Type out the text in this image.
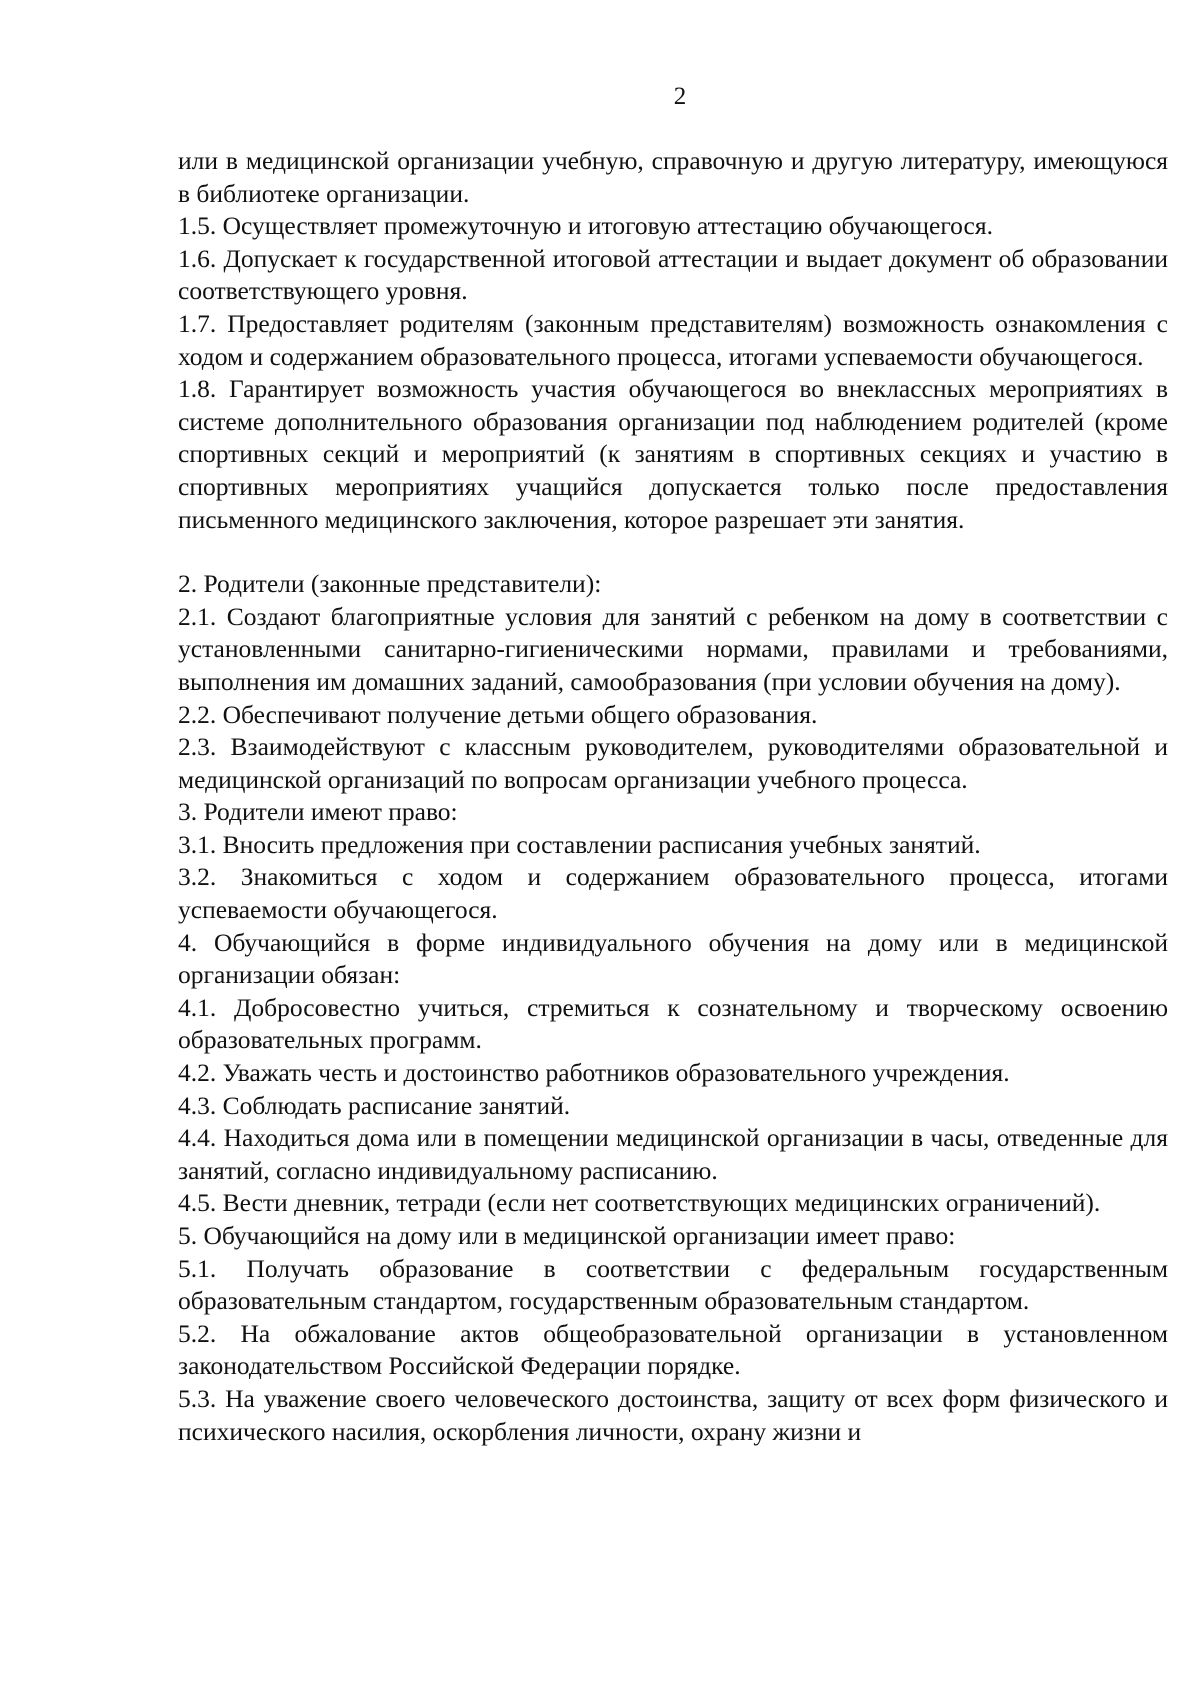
2

или в медицинской организации учебную, справочную и другую литературу, имеющуюся в библиотеке организации.

1.5. Осуществляет промежуточную и итоговую аттестацию обучающегося.

1.6. Допускает к государственной итоговой аттестации и выдает документ об образовании соответствующего уровня.

1.7. Предоставляет родителям (законным представителям) возможность ознакомления с ходом и содержанием образовательного процесса, итогами успеваемости обучающегося.

1.8. Гарантирует возможность участия обучающегося во внеклассных мероприятиях в системе дополнительного образования организации под наблюдением родителей (кроме спортивных секций и мероприятий (к занятиям в спортивных секциях и участию в спортивных мероприятиях учащийся допускается только после предоставления письменного медицинского заключения, которое разрешает эти занятия.

2. Родители (законные представители):

2.1. Создают благоприятные условия для занятий с ребенком на дому в соответствии с установленными санитарно-гигиеническими нормами, правилами и требованиями, выполнения им домашних заданий, самообразования (при условии обучения на дому).

2.2. Обеспечивают получение детьми общего образования.

2.3. Взаимодействуют с классным руководителем, руководителями образовательной и медицинской организаций по вопросам организации учебного процесса.

3. Родители имеют право:

3.1. Вносить предложения при составлении расписания учебных занятий.

3.2. Знакомиться с ходом и содержанием образовательного процесса, итогами успеваемости обучающегося.

4. Обучающийся в форме индивидуального обучения на дому или в медицинской организации обязан:

4.1. Добросовестно учиться, стремиться к сознательному и творческому освоению образовательных программ.

4.2. Уважать честь и достоинство работников образовательного учреждения.

4.3. Соблюдать расписание занятий.

4.4. Находиться дома или в помещении медицинской организации в часы, отведенные для занятий, согласно индивидуальному расписанию.

4.5. Вести дневник, тетради (если нет соответствующих медицинских ограничений).

5. Обучающийся на дому или в медицинской организации имеет право:

5.1. Получать образование в соответствии с федеральным государственным образовательным стандартом, государственным образовательным стандартом.

5.2. На обжалование актов общеобразовательной организации в установленном законодательством Российской Федерации порядке.

5.3. На уважение своего человеческого достоинства, защиту от всех форм физического и психического насилия, оскорбления личности, охрану жизни и
